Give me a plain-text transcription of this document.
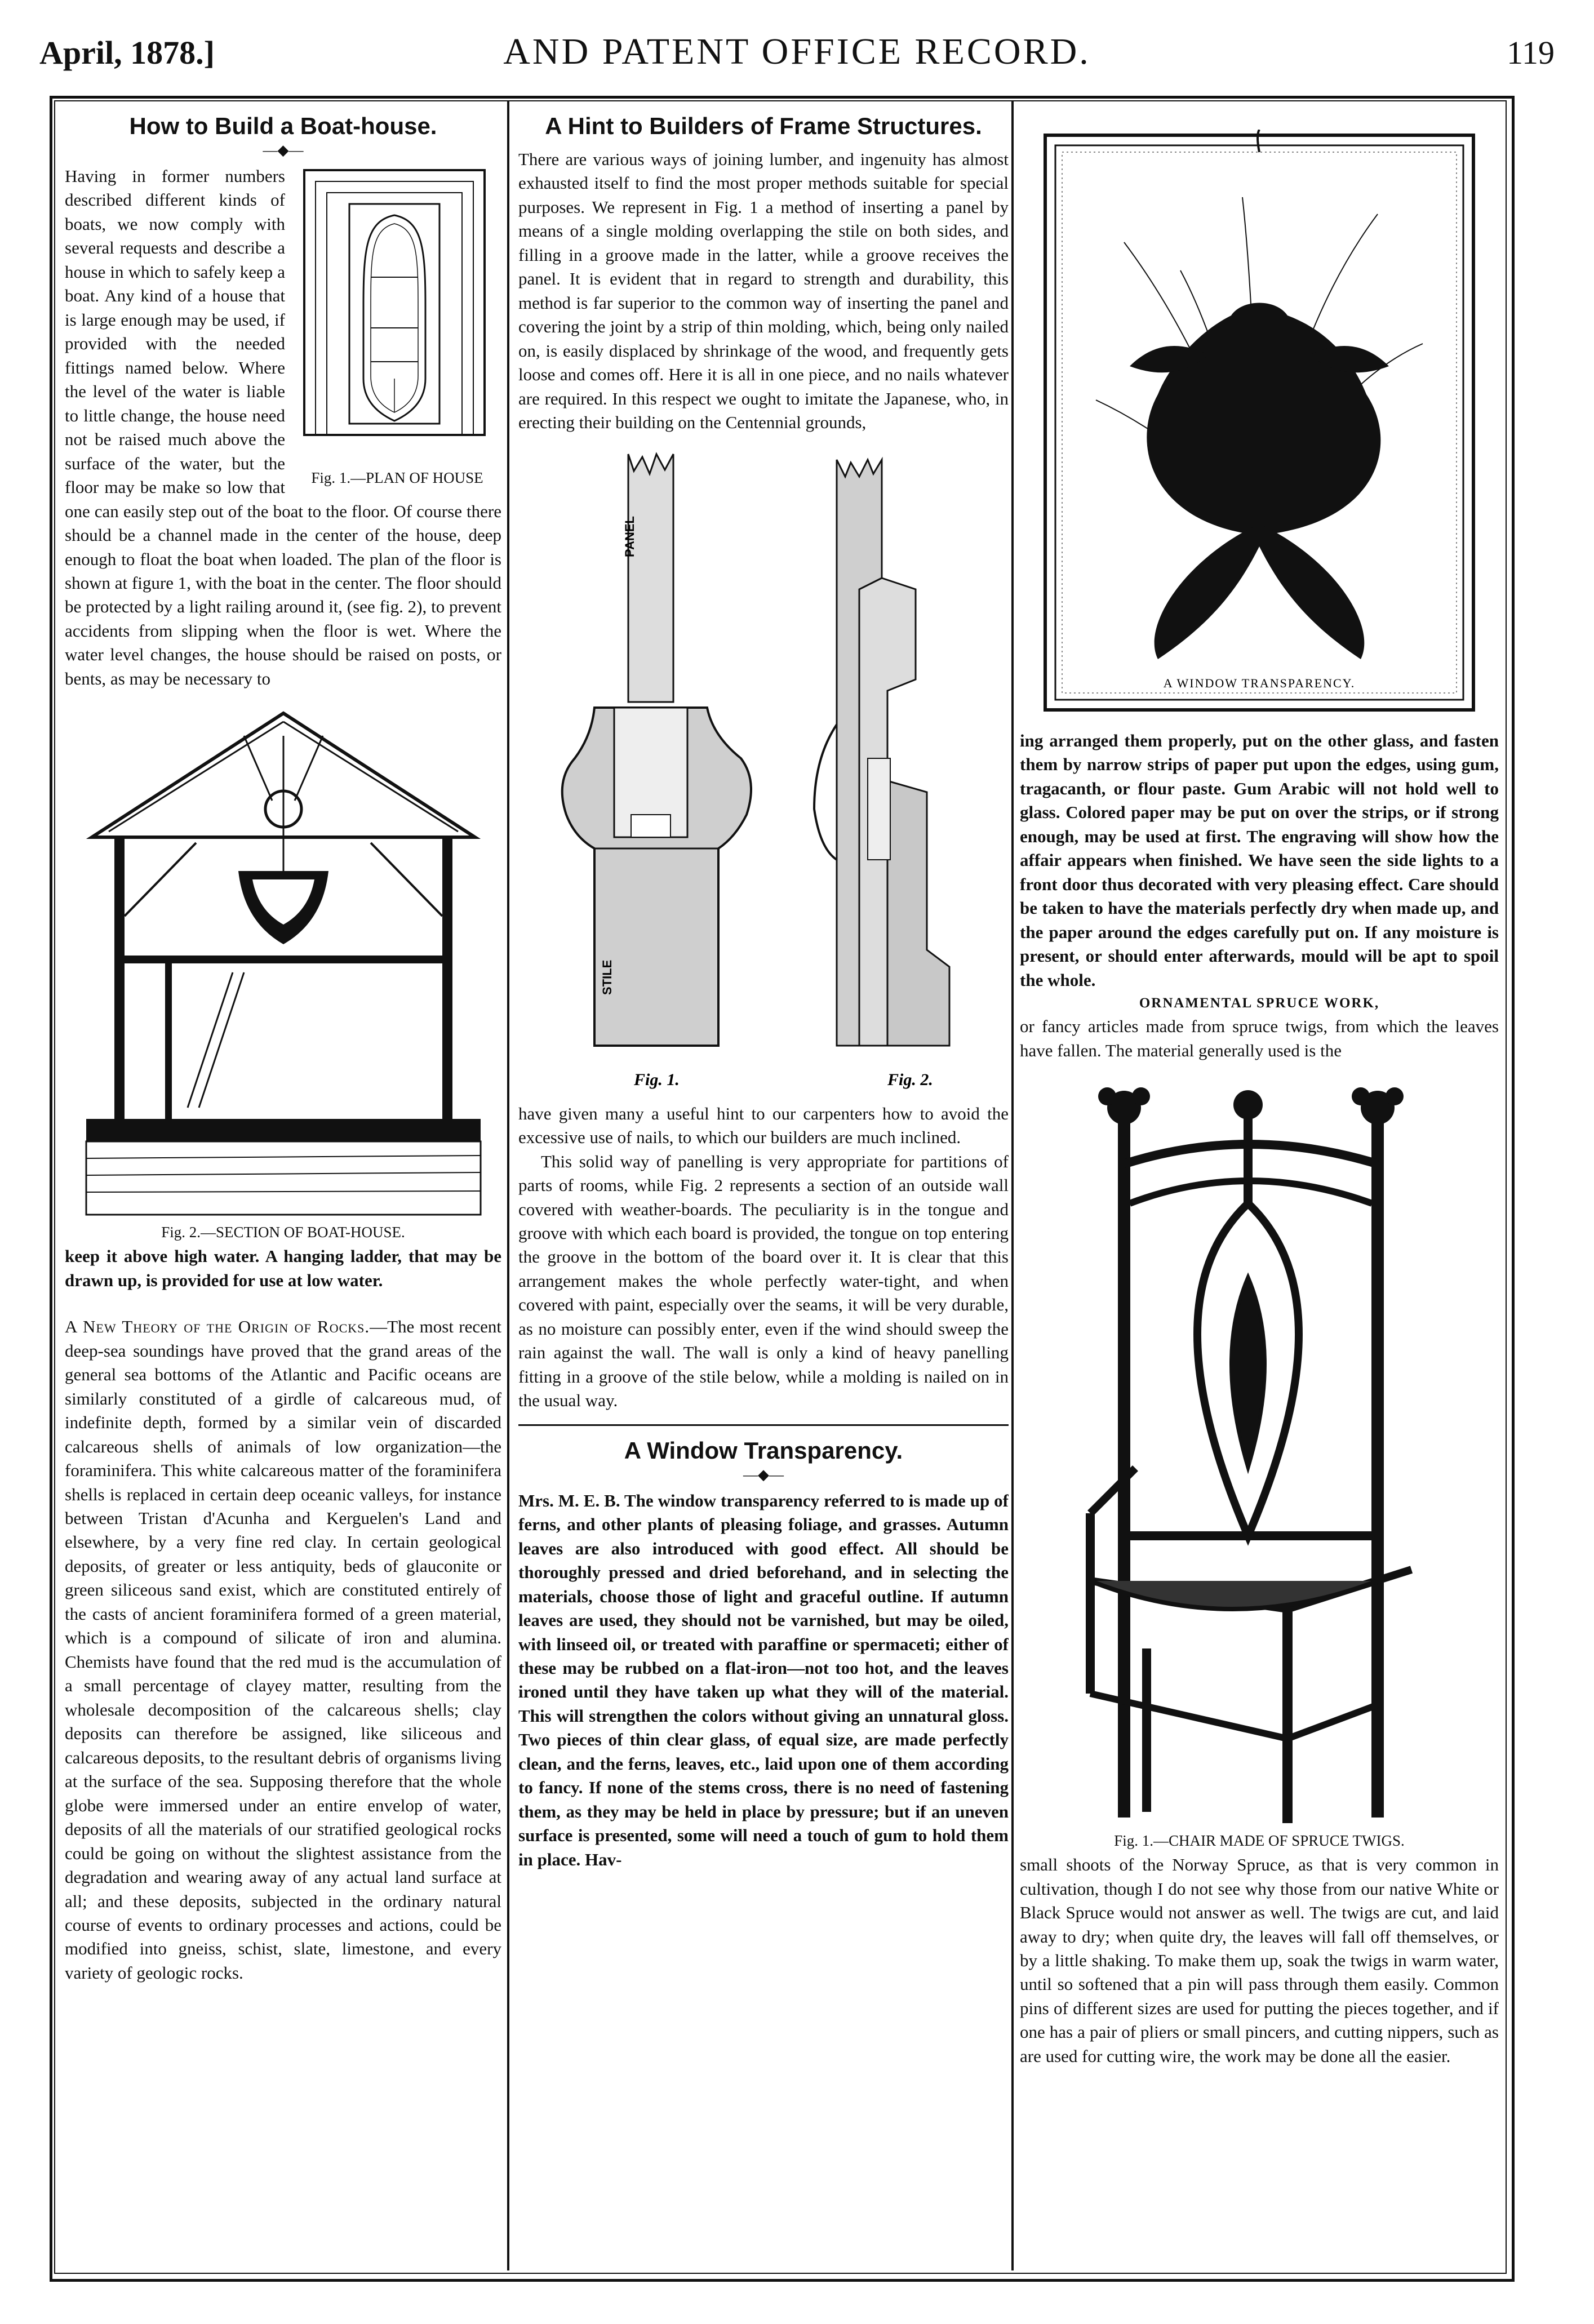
April, 1878.]	AND PATENT OFFICE RECORD.	119
How to Build a Boat-house.
—◆—
Fig. 1.—PLAN OF HOUSE

Having in former numbers described different kinds of boats, we now comply with several requests and describe a house in which to safely keep a boat. Any kind of a house that is large enough may be used, if provided with the needed fittings named below. Where the level of the water is liable to little change, the house need not be raised much above the surface of the water, but the floor may be make so low that one can easily step out of the boat to the floor. Of course there should be a channel made in the center of the house, deep enough to float the boat when loaded. The plan of the floor is shown at figure 1, with the boat in the center. The floor should be protected by a light railing around it, (see fig. 2), to prevent accidents from slipping when the floor is wet. Where the water level changes, the house should be raised on posts, or bents, as may be necessary to

Fig. 2.—SECTION OF BOAT-HOUSE.

keep it above high water. A hanging ladder, that may be drawn up, is provided for use at low water.

A New Theory of the Origin of Rocks.—The most recent deep-sea soundings have proved that the grand areas of the general sea bottoms of the Atlantic and Pacific oceans are similarly constituted of a girdle of calcareous mud, of indefinite depth, formed by a similar vein of discarded calcareous shells of animals of low organization—the foraminifera. This white calcareous matter of the foraminifera shells is replaced in certain deep oceanic valleys, for instance between Tristan d'Acunha and Kerguelen's Land and elsewhere, by a very fine red clay. In certain geological deposits, of greater or less antiquity, beds of glauconite or green siliceous sand exist, which are constituted entirely of the casts of ancient foraminifera formed of a green material, which is a compound of silicate of iron and alumina. Chemists have found that the red mud is the accumulation of a small percentage of clayey matter, resulting from the wholesale decomposition of the calcareous shells; clay deposits can therefore be assigned, like siliceous and calcareous deposits, to the resultant debris of organisms living at the surface of the sea. Supposing therefore that the whole globe were immersed under an entire envelop of water, deposits of all the materials of our stratified geological rocks could be going on without the slightest assistance from the degradation and wearing away of any actual land surface at all; and these deposits, subjected in the ordinary natural course of events to ordinary processes and actions, could be modified into gneiss, schist, slate, limestone, and every variety of geologic rocks.

A Hint to Builders of Frame Structures.

There are various ways of joining lumber, and ingenuity has almost exhausted itself to find the most proper methods suitable for special purposes. We represent in Fig. 1 a method of inserting a panel by means of a single molding overlapping the stile on both sides, and filling in a groove made in the latter, while a groove receives the panel. It is evident that in regard to strength and durability, this method is far superior to the common way of inserting the panel and covering the joint by a strip of thin molding, which, being only nailed on, is easily displaced by shrinkage of the wood, and frequently gets loose and comes off. Here it is all in one piece, and no nails whatever are required. In this respect we ought to imitate the Japanese, who, in erecting their building on the Centennial grounds,

PANEL
STILE
Fig. 1.	Fig. 2.

have given many a useful hint to our carpenters how to avoid the excessive use of nails, to which our builders are much inclined.

This solid way of panelling is very appropriate for partitions of parts of rooms, while Fig. 2 represents a section of an outside wall covered with weather-boards. The peculiarity is in the tongue and groove with which each board is provided, the tongue on top entering the groove in the bottom of the board over it. It is clear that this arrangement makes the whole perfectly water-tight, and when covered with paint, especially over the seams, it will be very durable, as no moisture can possibly enter, even if the wind should sweep the rain against the wall. The wall is only a kind of heavy panelling fitting in a groove of the stile below, while a molding is nailed on in the usual way.

A Window Transparency.
—◆—

Mrs. M. E. B. The window transparency referred to is made up of ferns, and other plants of pleasing foliage, and grasses. Autumn leaves are also introduced with good effect. All should be thoroughly pressed and dried beforehand, and in selecting the materials, choose those of light and graceful outline. If autumn leaves are used, they should not be varnished, but may be oiled, with linseed oil, or treated with paraffine or spermaceti; either of these may be rubbed on a flat-iron—not too hot, and the leaves ironed until they have taken up what they will of the material. This will strengthen the colors without giving an unnatural gloss. Two pieces of thin clear glass, of equal size, are made perfectly clean, and the ferns, leaves, etc., laid upon one of them according to fancy. If none of the stems cross, there is no need of fastening them, as they may be held in place by pressure; but if an uneven surface is presented, some will need a touch of gum to hold them in place. Hav-

A WINDOW TRANSPARENCY.

ing arranged them properly, put on the other glass, and fasten them by narrow strips of paper put upon the edges, using gum, tragacanth, or flour paste. Gum Arabic will not hold well to glass. Colored paper may be put on over the strips, or if strong enough, may be used at first. The engraving will show how the affair appears when finished. We have seen the side lights to a front door thus decorated with very pleasing effect. Care should be taken to have the materials perfectly dry when made up, and the paper around the edges carefully put on. If any moisture is present, or should enter afterwards, mould will be apt to spoil the whole.

ORNAMENTAL SPRUCE WORK,

or fancy articles made from spruce twigs, from which the leaves have fallen. The material generally used is the

Fig. 1.—CHAIR MADE OF SPRUCE TWIGS.

small shoots of the Norway Spruce, as that is very common in cultivation, though I do not see why those from our native White or Black Spruce would not answer as well. The twigs are cut, and laid away to dry; when quite dry, the leaves will fall off themselves, or by a little shaking. To make them up, soak the twigs in warm water, until so softened that a pin will pass through them easily. Common pins of different sizes are used for putting the pieces together, and if one has a pair of pliers or small pincers, and cutting nippers, such as are used for cutting wire, the work may be done all the easier.
